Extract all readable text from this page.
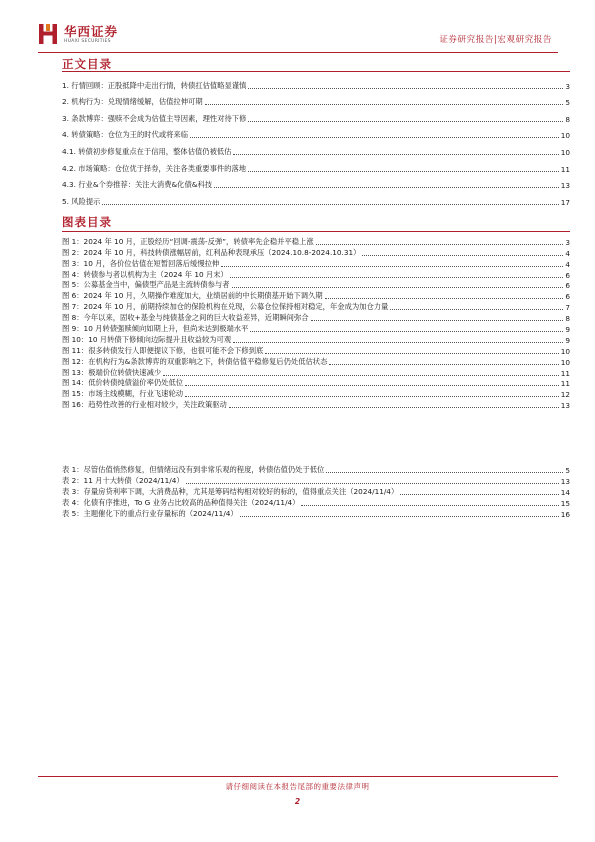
华西证券
HUAXI SECURITIES	证券研究报告|宏观研究报告
正文目录
1. 行情回顾：正股抵降中走出行情，转债扛估值略显谨慎	3
2. 机构行为：兑现情绪缓解，估值拉伸可期	5
3. 条款博弈：强赎不会成为估值主导因素，理性对待下修	8
4. 转债策略：仓位为王的时代或将来临	10
4.1. 转债初步修复重点在于信用，整体估值仍被低估	10
4.2. 市场策略：仓位优于择券，关注各类重要事件的落地	11
4.3. 行业&个券推荐：关注大消费&化债&科技	13
5. 风险提示	17
图表目录
图 1：2024 年 10 月，正股经历“回调-震荡-反弹”，转债率先企稳并平稳上涨	3
图 2：2024 年 10 月，科技转债涨幅居前，红利品种表现承压（2024.10.8-2024.10.31）	4
图 3：10 月，各价位估值在短暂回落后缓慢拉伸	4
图 4：转债参与者以机构为主（2024 年 10 月末）	6
图 5：公募基金当中，偏债型产品是主流转债参与者	6
图 6：2024 年 10 月，久期操作难度加大，业绩居前的中长期债基开始下调久期	6
图 7：2024 年 10 月，前期持续加仓的保险机构在兑现，公募仓位保持相对稳定，年金成为加仓力量	7
图 8：今年以来，固收+基金与纯债基金之间的巨大收益差异，近期瞬间弥合	8
图 9：10 月转债强赎倾向如期上升，但尚未达到极端水平	9
图 10：10 月转债下修倾向边际提升且收益较为可观	9
图 11：很多转债发行人即便提议下修，也很可能不会下修到底	10
图 12：在机构行为&条款博弈的双重影响之下，转债估值平稳修复后仍处低估状态	10
图 13：极端价位转债快速减少	11
图 14：低价转债纯债溢价率仍处低位	11
图 15：市场主线模糊，行业飞速轮动	12
图 16：趋势性改善的行业相对较少，关注政策驱动	13
表 1：尽管估值悄然修复，但情绪远没有到非常乐观的程度，转债估值仍处于低位	5
表 2：11 月十大转债（2024/11/4）	13
表 3：存量房贷利率下调，大消费品种，尤其是筹码结构相对较好的标的，值得重点关注（2024/11/4）	14
表 4：化债有序推进，To G 业务占比较高的品种值得关注（2024/11/4）	15
表 5：主题催化下的重点行业存量标的（2024/11/4）	16
请仔细阅读在本报告尾部的重要法律声明
2
